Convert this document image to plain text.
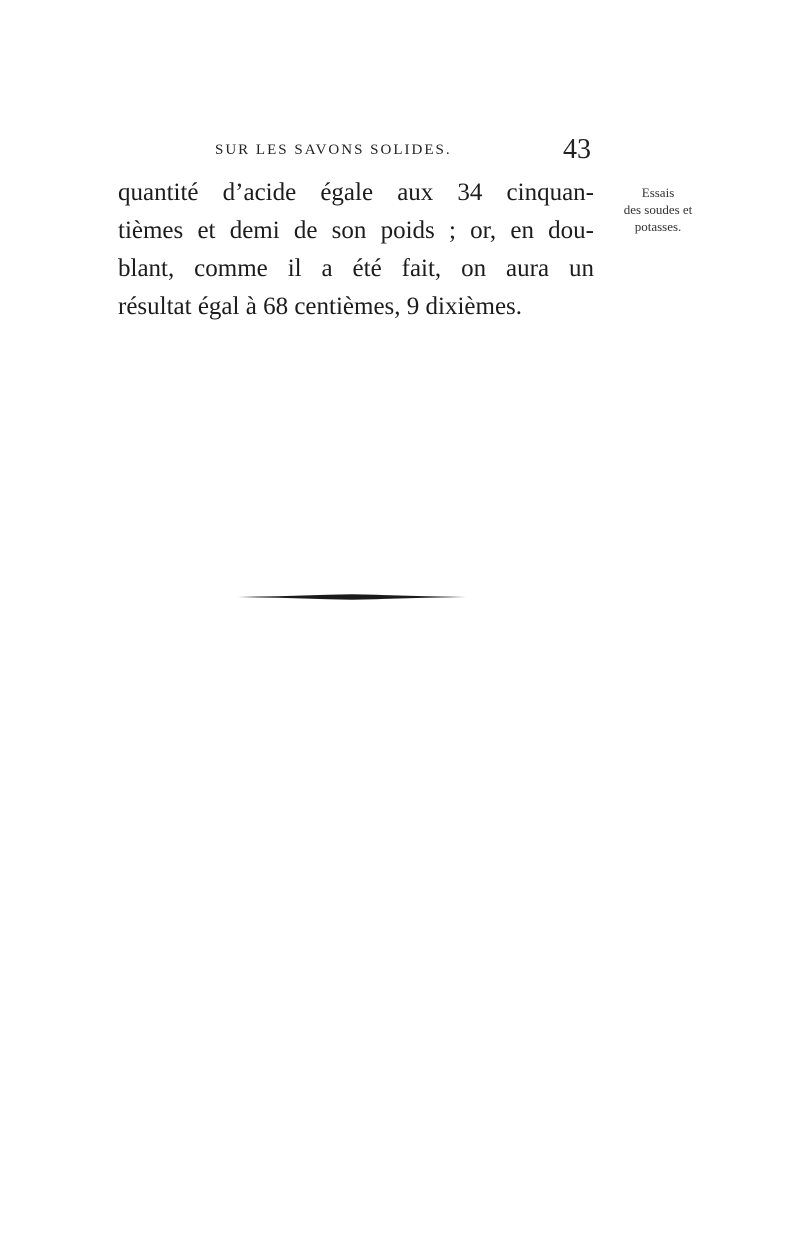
SUR LES SAVONS SOLIDES.	43
quantité d’acide égale aux 34 cinquan-
tièmes et demi de son poids ; or, en dou-
blant, comme il a été fait, on aura un
résultat égal à 68 centièmes, 9 dixièmes.
Essais
des soudes et
potasses.
